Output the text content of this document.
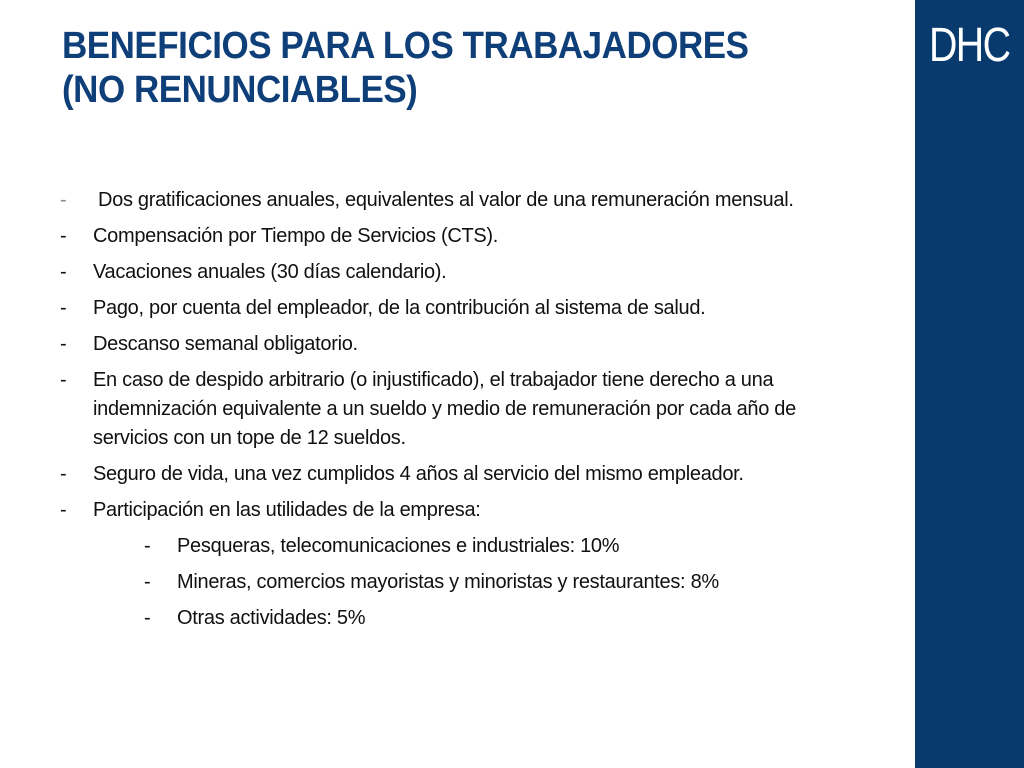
BENEFICIOS PARA LOS TRABAJADORES
(NO RENUNCIABLES)
DHC
- Dos gratificaciones anuales, equivalentes al valor de una remuneración mensual.
- Compensación por Tiempo de Servicios (CTS).
- Vacaciones anuales (30 días calendario).
- Pago, por cuenta del empleador, de la contribución al sistema de salud.
- Descanso semanal obligatorio.
- En caso de despido arbitrario (o injustificado), el trabajador tiene derecho a una indemnización equivalente a un sueldo y medio de remuneración por cada año de servicios con un tope de 12 sueldos.
- Seguro de vida, una vez cumplidos 4 años al servicio del mismo empleador.
- Participación en las utilidades de la empresa:
- Pesqueras, telecomunicaciones e industriales: 10%
- Mineras, comercios mayoristas y minoristas y restaurantes: 8%
- Otras actividades: 5%
